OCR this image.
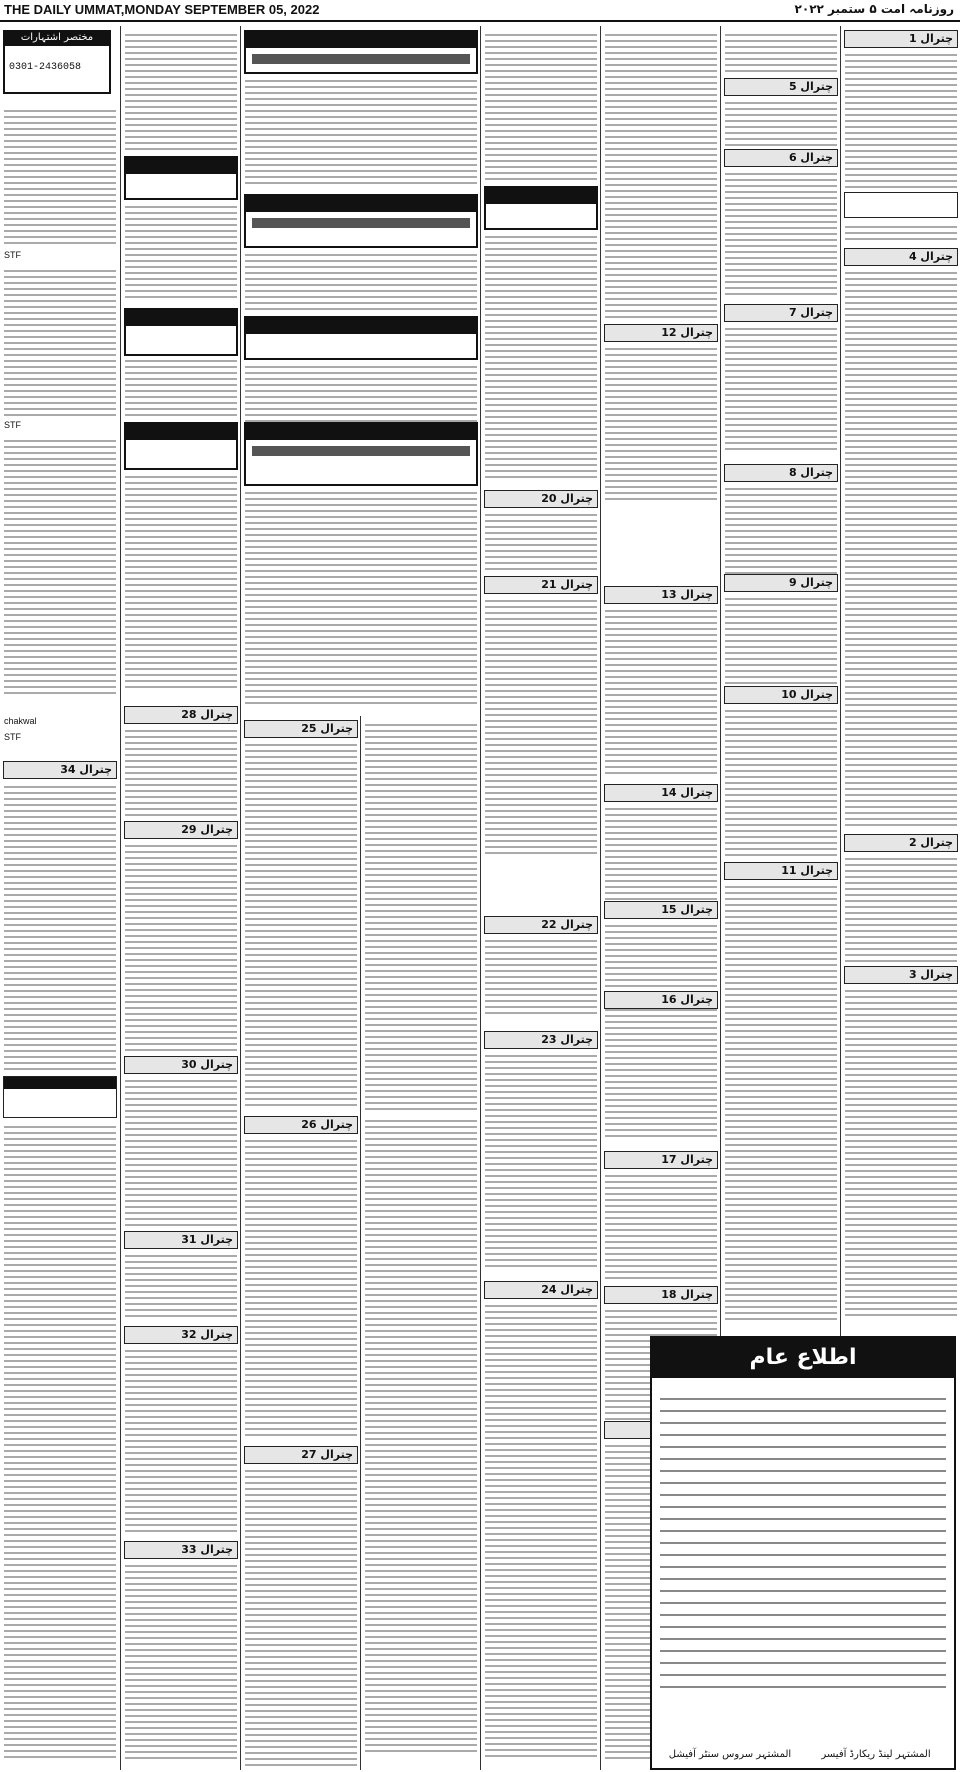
THE DAILY UMMAT,MONDAY SEPTEMBER 05, 2022	روزنامہ امت ۵ ستمبر ۲۰۲۲
مختصر اشتہارات
0301-2436058
STF
STF
chakwal
STF
چترال 34
چترال 28
چترال 29
چترال 30
چترال 31
چترال 32
چترال 33
چترال 25
چترال 26
چترال 27
چترال 20
چترال 21
چترال 22
چترال 23
چترال 24
چترال 12
چترال 13
چترال 14
چترال 15
چترال 16
چترال 17
چترال 18
چترال 5
چترال 6
چترال 7
چترال 8
چترال 9
چترال 10
چترال 11
چترال 1
چترال 4
چترال 2
چترال 3
اطلاع عام
المشتہر لینڈ ریکارڈ آفیسر
المشتہر سروس سنٹر آفیشل
